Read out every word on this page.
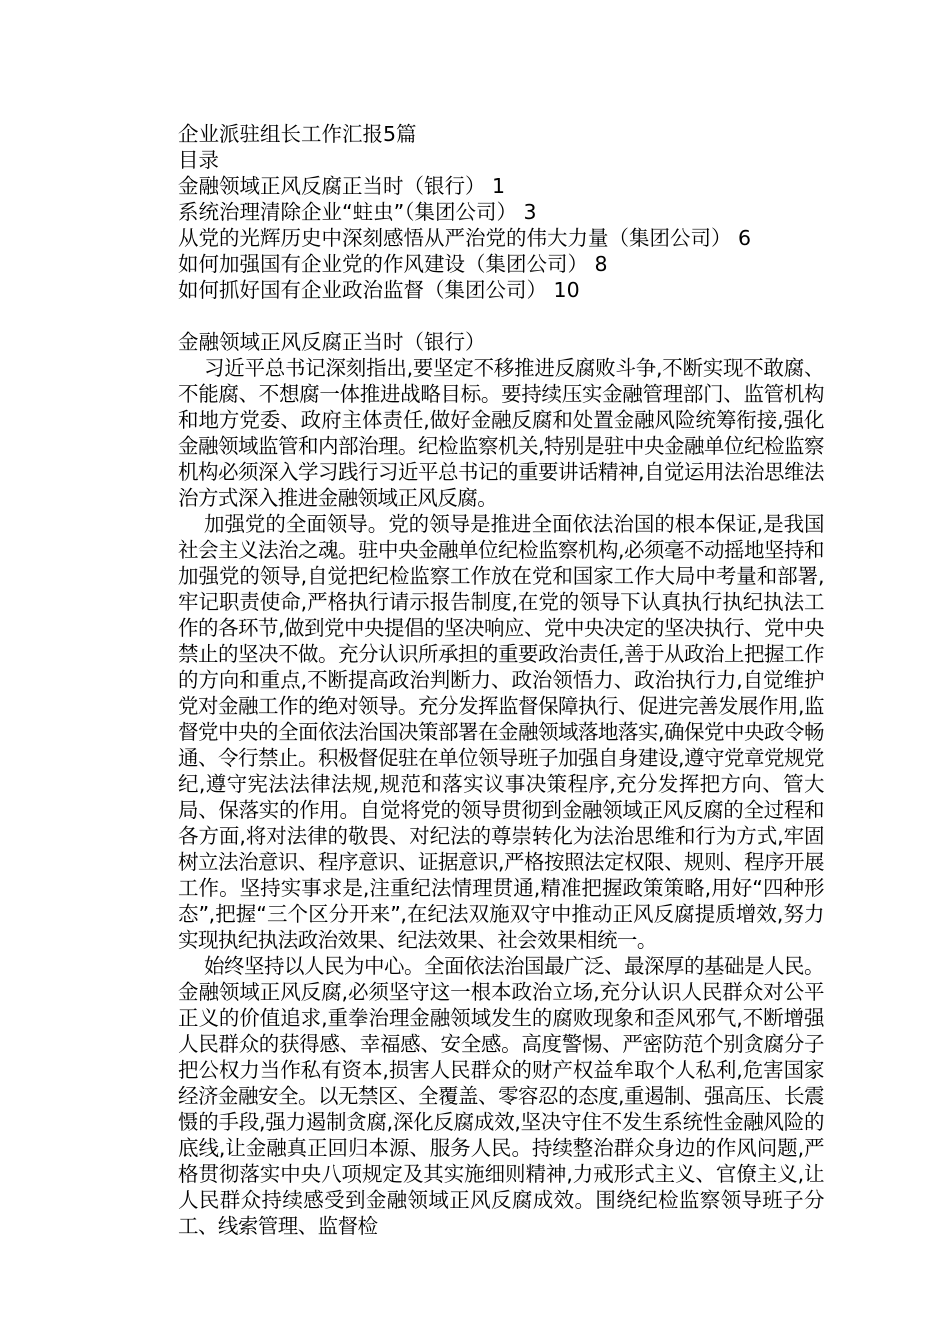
企业派驻组长工作汇报5篇
目录
金融领域正风反腐正当时（银行） 1
系统治理清除企业“蛀虫”（集团公司） 3
从党的光辉历史中深刻感悟从严治党的伟大力量（集团公司） 6
如何加强国有企业党的作风建设（集团公司） 8
如何抓好国有企业政治监督（集团公司） 10
金融领域正风反腐正当时（银行）

习近平总书记深刻指出,要坚定不移推进反腐败斗争,不断实现不敢腐、不能腐、不想腐一体推进战略目标。要持续压实金融管理部门、监管机构和地方党委、政府主体责任,做好金融反腐和处置金融风险统筹衔接,强化金融领域监管和内部治理。纪检监察机关,特别是驻中央金融单位纪检监察机构必须深入学习践行习近平总书记的重要讲话精神,自觉运用法治思维法治方式深入推进金融领域正风反腐。

加强党的全面领导。党的领导是推进全面依法治国的根本保证,是我国社会主义法治之魂。驻中央金融单位纪检监察机构,必须毫不动摇地坚持和加强党的领导,自觉把纪检监察工作放在党和国家工作大局中考量和部署,牢记职责使命,严格执行请示报告制度,在党的领导下认真执行执纪执法工作的各环节,做到党中央提倡的坚决响应、党中央决定的坚决执行、党中央禁止的坚决不做。充分认识所承担的重要政治责任,善于从政治上把握工作的方向和重点,不断提高政治判断力、政治领悟力、政治执行力,自觉维护党对金融工作的绝对领导。充分发挥监督保障执行、促进完善发展作用,监督党中央的全面依法治国决策部署在金融领域落地落实,确保党中央政令畅通、令行禁止。积极督促驻在单位领导班子加强自身建设,遵守党章党规党纪,遵守宪法法律法规,规范和落实议事决策程序,充分发挥把方向、管大局、保落实的作用。自觉将党的领导贯彻到金融领域正风反腐的全过程和各方面,将对法律的敬畏、对纪法的尊崇转化为法治思维和行为方式,牢固树立法治意识、程序意识、证据意识,严格按照法定权限、规则、程序开展工作。坚持实事求是,注重纪法情理贯通,精准把握政策策略,用好“四种形态”,把握“三个区分开来”,在纪法双施双守中推动正风反腐提质增效,努力实现执纪执法政治效果、纪法效果、社会效果相统一。

始终坚持以人民为中心。全面依法治国最广泛、最深厚的基础是人民。金融领域正风反腐,必须坚守这一根本政治立场,充分认识人民群众对公平正义的价值追求,重拳治理金融领域发生的腐败现象和歪风邪气,不断增强人民群众的获得感、幸福感、安全感。高度警惕、严密防范个别贪腐分子把公权力当作私有资本,损害人民群众的财产权益牟取个人私利,危害国家经济金融安全。以无禁区、全覆盖、零容忍的态度,重遏制、强高压、长震慑的手段,强力遏制贪腐,深化反腐成效,坚决守住不发生系统性金融风险的底线,让金融真正回归本源、服务人民。持续整治群众身边的作风问题,严格贯彻落实中央八项规定及其实施细则精神,力戒形式主义、官僚主义,让人民群众持续感受到金融领域正风反腐成效。围绕纪检监察领导班子分工、线索管理、监督检
